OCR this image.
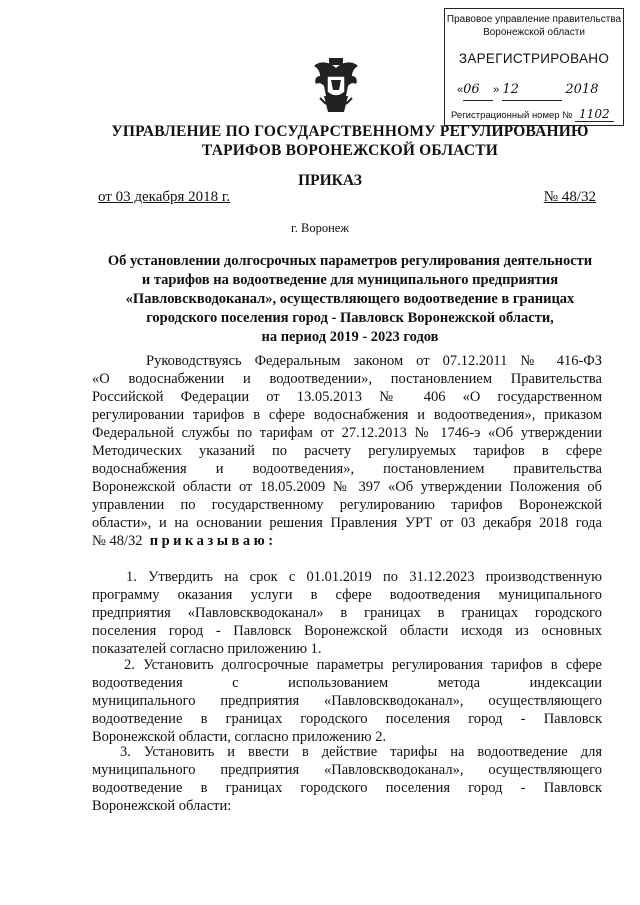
Правовое управление правительства
Воронежской области
ЗАРЕГИСТРИРОВАНО
«06 » 12	2018
Регистрационный номер № 1102
УПРАВЛЕНИЕ ПО ГОСУДАРСТВЕННОМУ РЕГУЛИРОВАНИЮ
ТАРИФОВ ВОРОНЕЖСКОЙ ОБЛАСТИ
ПРИКАЗ
от 03 декабря 2018 г.	№ 48/32
г. Воронеж
Об установлении долгосрочных параметров регулирования деятельности
и тарифов на водоотведение для муниципального предприятия
«Павловскводоканал», осуществляющего водоотведение в границах
городского поселения город - Павловск Воронежской области,
на период 2019 - 2023 годов
Руководствуясь Федеральным законом от 07.12.2011 № 416-ФЗ
«О водоснабжении и водоотведении», постановлением Правительства
Российской Федерации от 13.05.2013 № 406 «О государственном
регулировании тарифов в сфере водоснабжения и водоотведения», приказом
Федеральной службы по тарифам от 27.12.2013 № 1746-э «Об утверждении
Методических указаний по расчету регулируемых тарифов в сфере
водоснабжения и водоотведения», постановлением правительства
Воронежской области от 18.05.2009 № 397 «Об утверждении Положения об
управлении по государственному регулированию тарифов Воронежской
области», и на основании решения Правления УРТ от 03 декабря 2018 года
№ 48/32 приказываю:
1. Утвердить на срок с 01.01.2019 по 31.12.2023 производственную
программу оказания услуги в сфере водоотведения муниципального
предприятия «Павловскводоканал» в границах в границах городского
поселения город - Павловск Воронежской области исходя из основных
показателей согласно приложению 1.
2. Установить долгосрочные параметры регулирования тарифов в сфере
водоотведения с использованием метода индексации
муниципального предприятия «Павловскводоканал», осуществляющего
водоотведение в границах городского поселения город - Павловск
Воронежской области, согласно приложению 2.
3. Установить и ввести в действие тарифы на водоотведение для
муниципального предприятия «Павловскводоканал», осуществляющего
водоотведение в границах городского поселения город - Павловск
Воронежской области:
